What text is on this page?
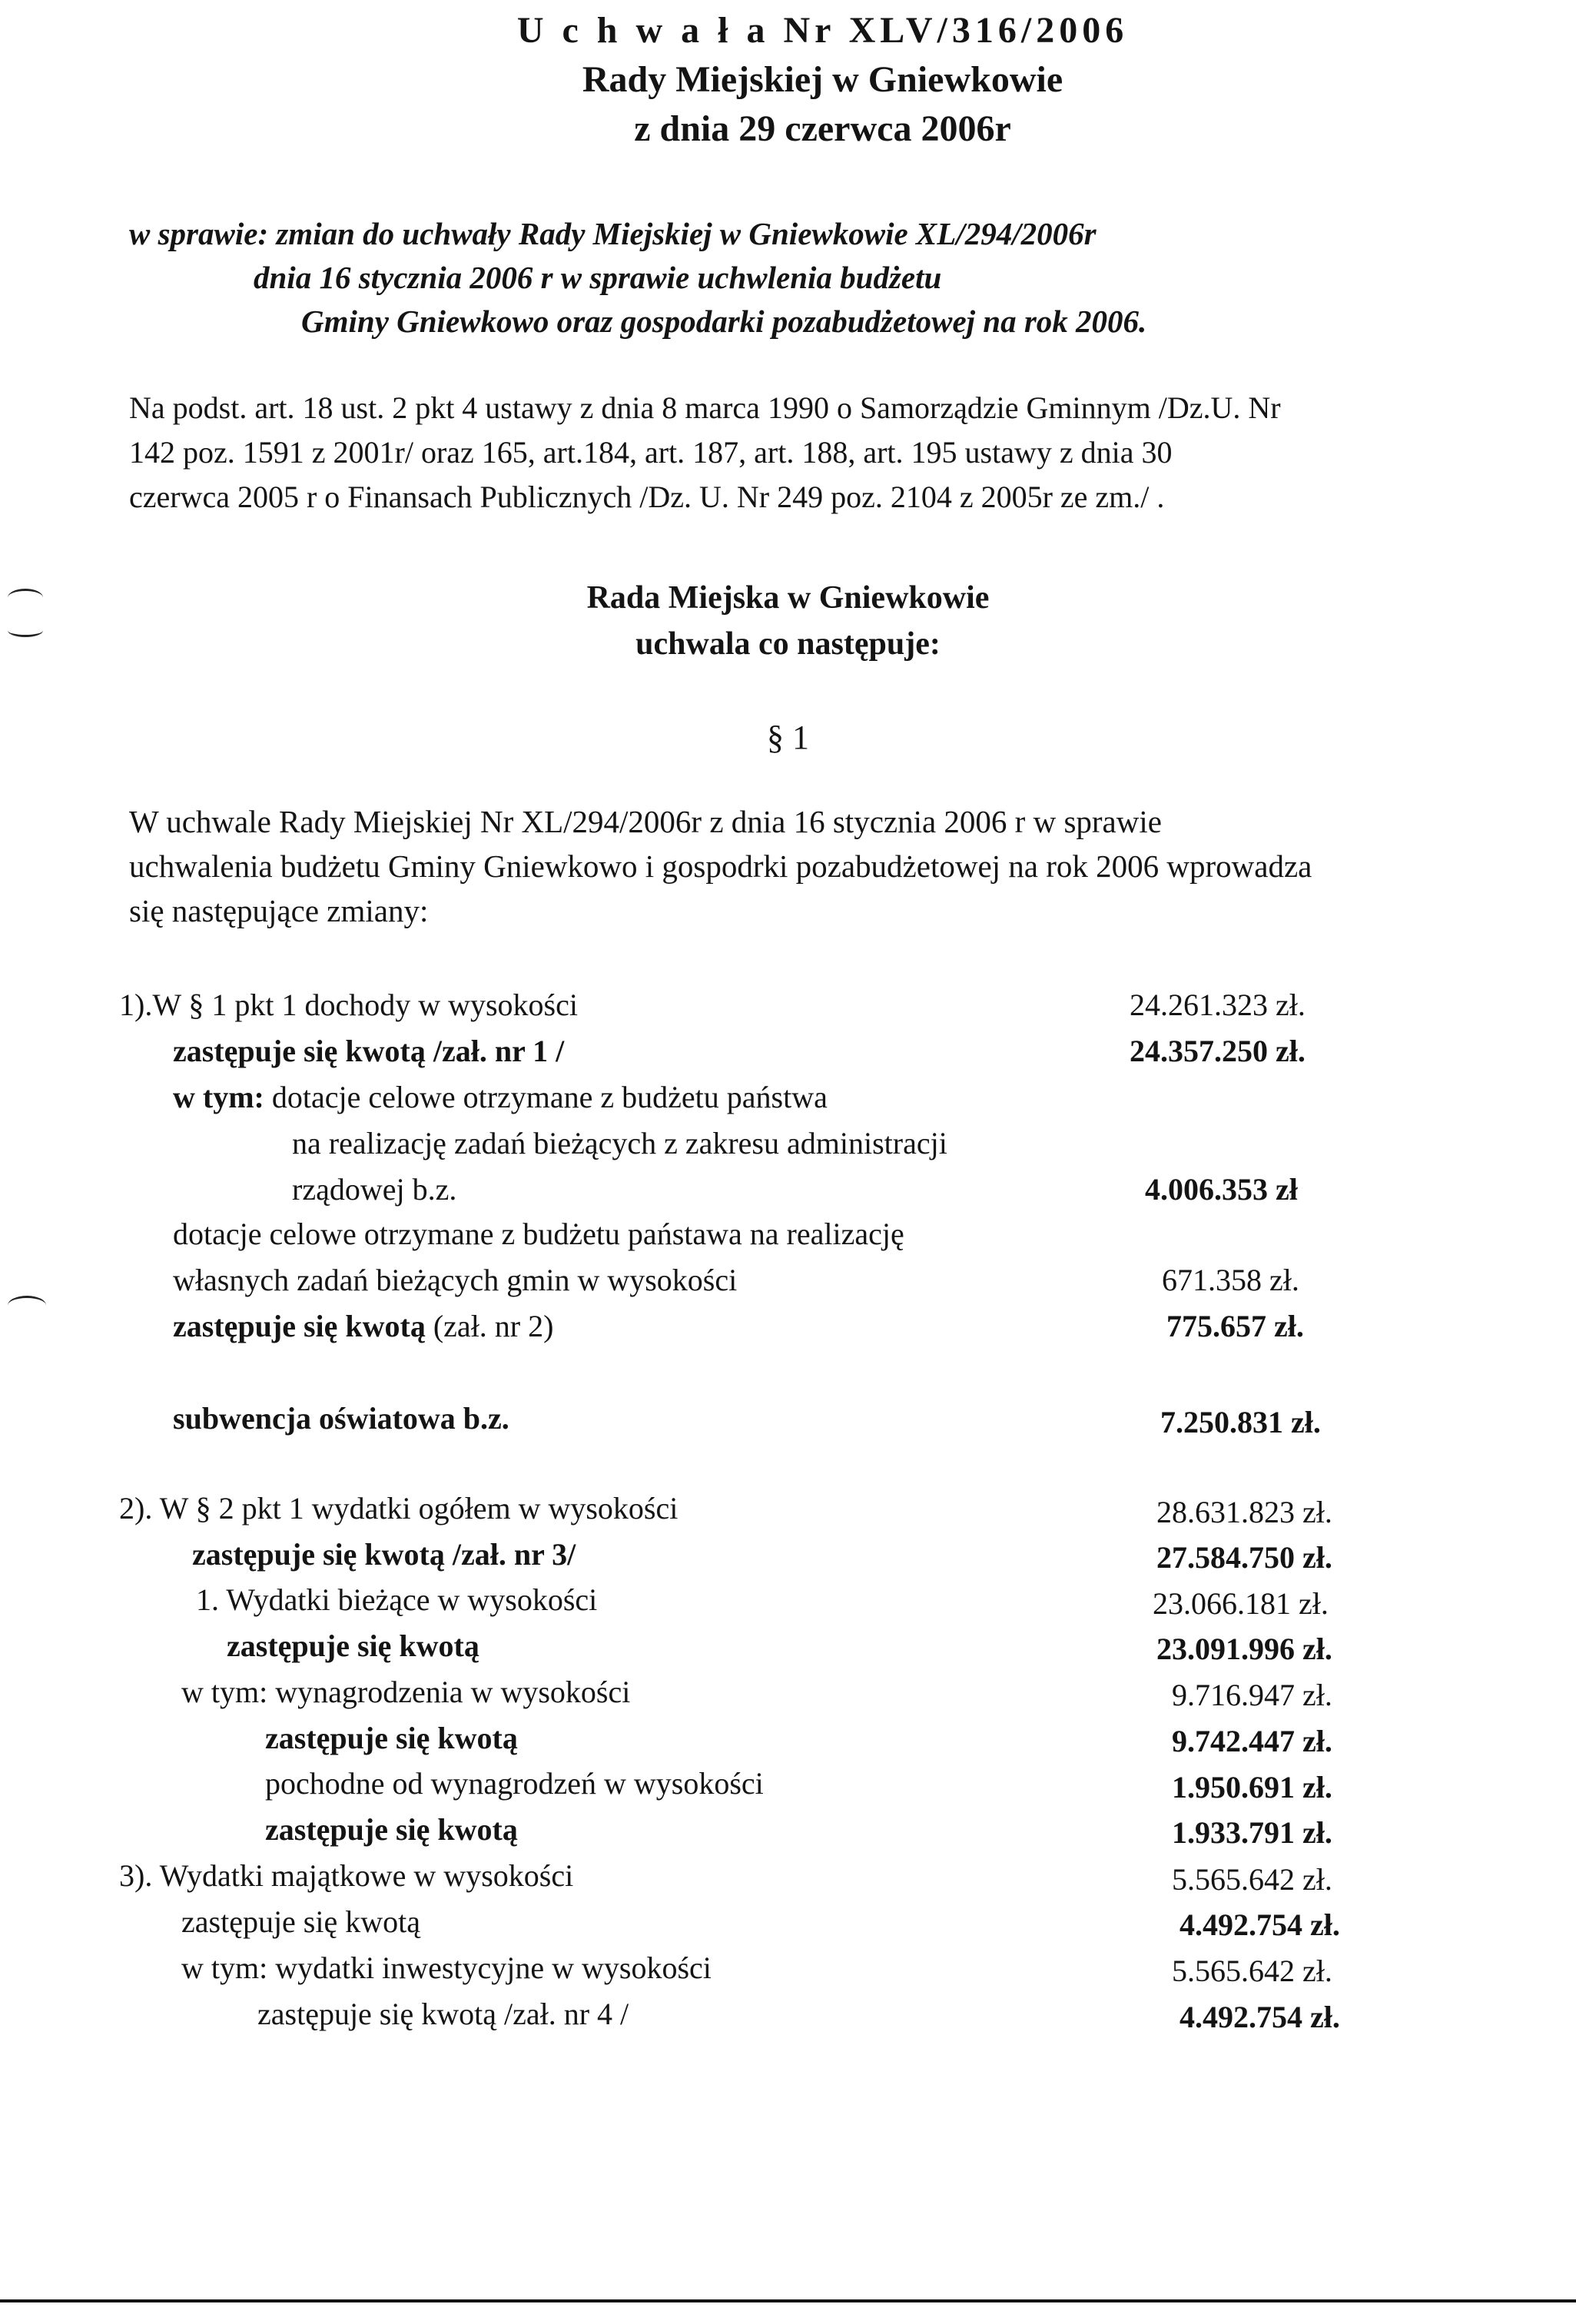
U c h w a ł a Nr XLV/316/2006
Rady Miejskiej w Gniewkowie
z dnia 29 czerwca 2006r
w sprawie: zmian do uchwały Rady Miejskiej w Gniewkowie XL/294/2006r
dnia 16 stycznia 2006 r w sprawie uchwlenia budżetu
Gminy Gniewkowo oraz gospodarki pozabudżetowej na rok 2006.
Na podst. art. 18 ust. 2 pkt 4 ustawy z dnia 8 marca 1990 o Samorządzie Gminnym /Dz.U. Nr
142 poz. 1591 z 2001r/ oraz 165, art.184, art. 187, art. 188, art. 195 ustawy z dnia 30
czerwca 2005 r o Finansach Publicznych /Dz. U. Nr 249 poz. 2104 z 2005r ze zm./ .
Rada Miejska w Gniewkowie
uchwala co następuje:
§ 1
W uchwale Rady Miejskiej Nr XL/294/2006r z dnia 16 stycznia 2006 r w sprawie
uchwalenia budżetu Gminy Gniewkowo i gospodrki pozabudżetowej na rok 2006 wprowadza
się następujące zmiany:
1).W § 1 pkt 1 dochody w wysokości	24.261.323 zł.
zastępuje się kwotą /zał. nr 1 /	24.357.250 zł.
w tym: dotacje celowe otrzymane z budżetu państwa
na realizację zadań bieżących z zakresu administracji
rządowej b.z.	4.006.353 zł
dotacje celowe otrzymane z budżetu państawa na realizację
własnych zadań bieżących gmin w wysokości	671.358 zł.
zastępuje się kwotą (zał. nr 2)	775.657 zł.
subwencja oświatowa b.z.	7.250.831 zł.
2). W § 2 pkt 1 wydatki ogółem w wysokości	28.631.823 zł.
zastępuje się kwotą /zał. nr 3/	27.584.750 zł.
1. Wydatki bieżące w wysokości	23.066.181 zł.
zastępuje się kwotą	23.091.996 zł.
w tym: wynagrodzenia w wysokości	9.716.947 zł.
zastępuje się kwotą	9.742.447 zł.
pochodne od wynagrodzeń w wysokości	1.950.691 zł.
zastępuje się kwotą	1.933.791 zł.
3). Wydatki majątkowe w wysokości	5.565.642 zł.
zastępuje się kwotą	4.492.754 zł.
w tym: wydatki inwestycyjne w wysokości	5.565.642 zł.
zastępuje się kwotą /zał. nr 4 /	4.492.754 zł.
